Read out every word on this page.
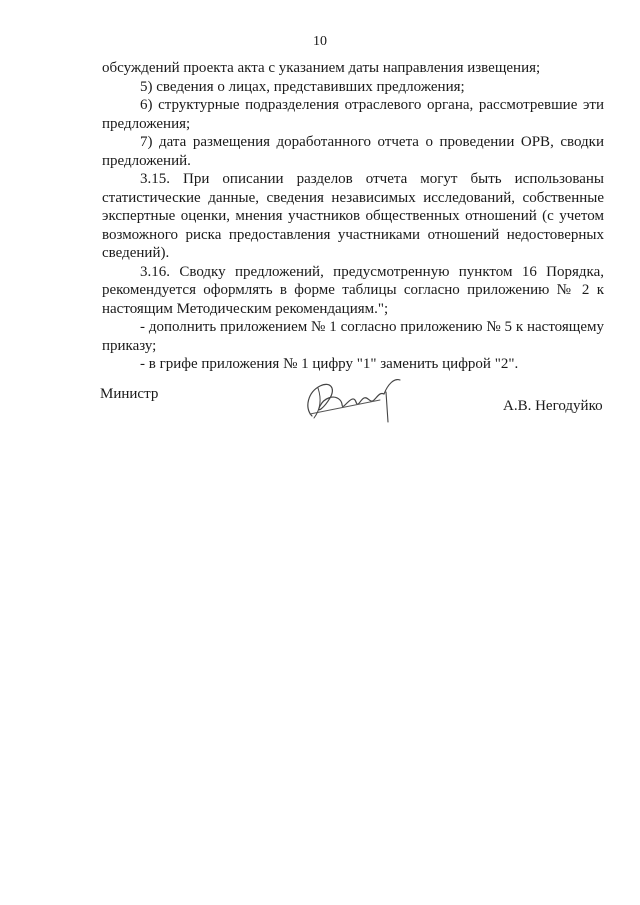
10

обсуждений проекта акта с указанием даты направления извещения;

5) сведения о лицах, представивших предложения;

6) структурные подразделения отраслевого органа, рассмотревшие эти предложения;

7) дата размещения доработанного отчета о проведении ОРВ, сводки предложений.

3.15. При описании разделов отчета могут быть использованы статистические данные, сведения независимых исследований, собственные экспертные оценки, мнения участников общественных отношений (с учетом возможного риска предоставления участниками отношений недостоверных сведений).

3.16. Сводку предложений, предусмотренную пунктом 16 Порядка, рекомендуется оформлять в форме таблицы согласно приложению № 2 к настоящим Методическим рекомендациям.";

- дополнить приложением № 1 согласно приложению № 5 к настоящему приказу;

- в грифе приложения № 1 цифру "1" заменить цифрой "2".

Министр
А.В. Негодуйко
